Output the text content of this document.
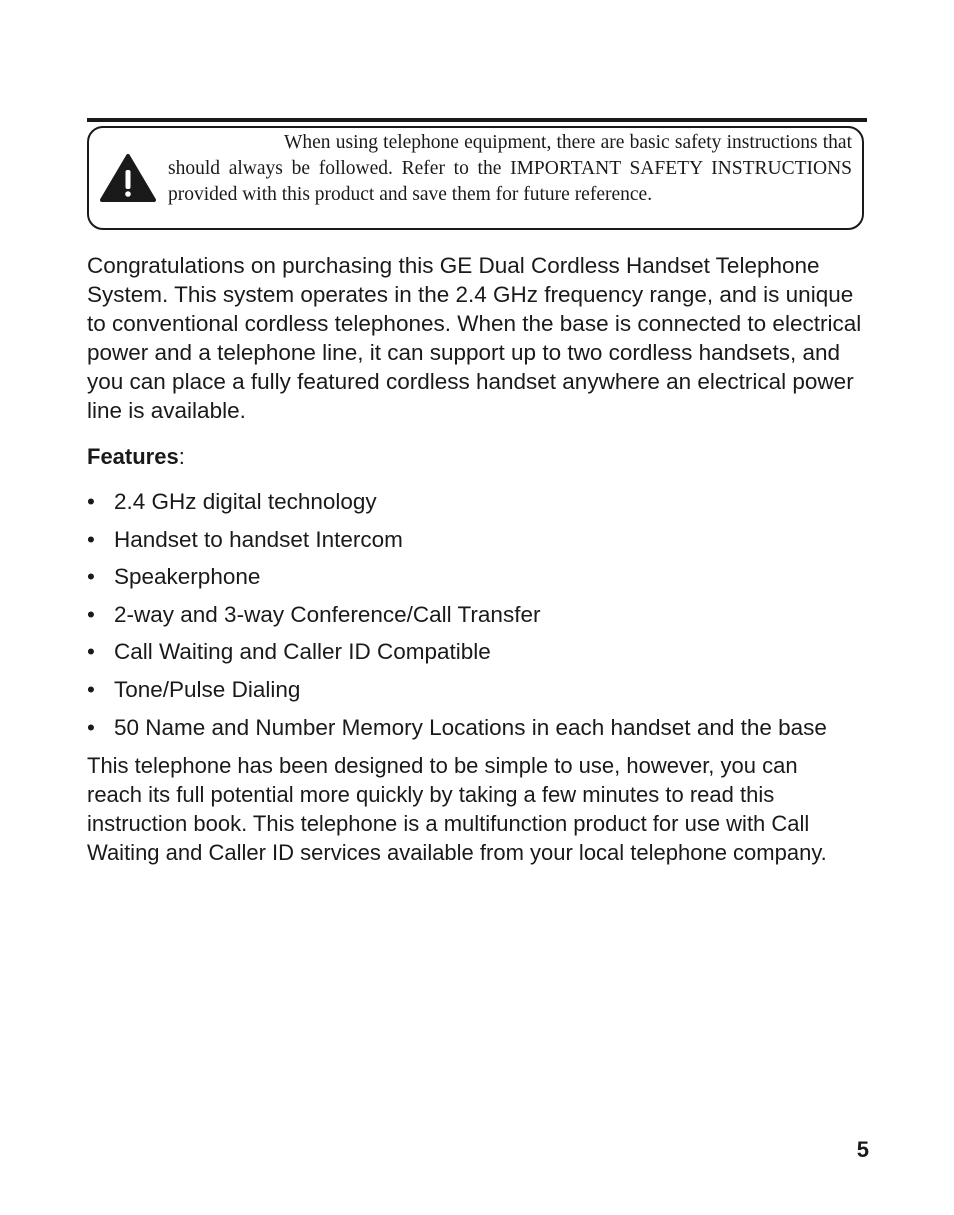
When using telephone equipment, there are basic safety instructions that should always be followed. Refer to the IMPORTANT SAFETY INSTRUCTIONS provided with this product and save them for future reference.

Congratulations on purchasing this GE Dual Cordless Handset Telephone System. This system operates in the 2.4 GHz frequency range, and is unique to conventional cordless telephones. When the base is connected to electrical power and a telephone line, it can support up to two cordless handsets, and you can place a fully featured cordless handset anywhere an electrical power line is available.

Features:

• 2.4 GHz digital technology
• Handset to handset Intercom
• Speakerphone
• 2-way and 3-way Conference/Call Transfer
• Call Waiting and Caller ID Compatible
• Tone/Pulse Dialing
• 50 Name and Number Memory Locations in each handset and the base

This telephone has been designed to be simple to use, however, you can reach its full potential more quickly by taking a few minutes to read this instruction book. This telephone is a multifunction product for use with Call Waiting and Caller ID services available from your local telephone company.

5
